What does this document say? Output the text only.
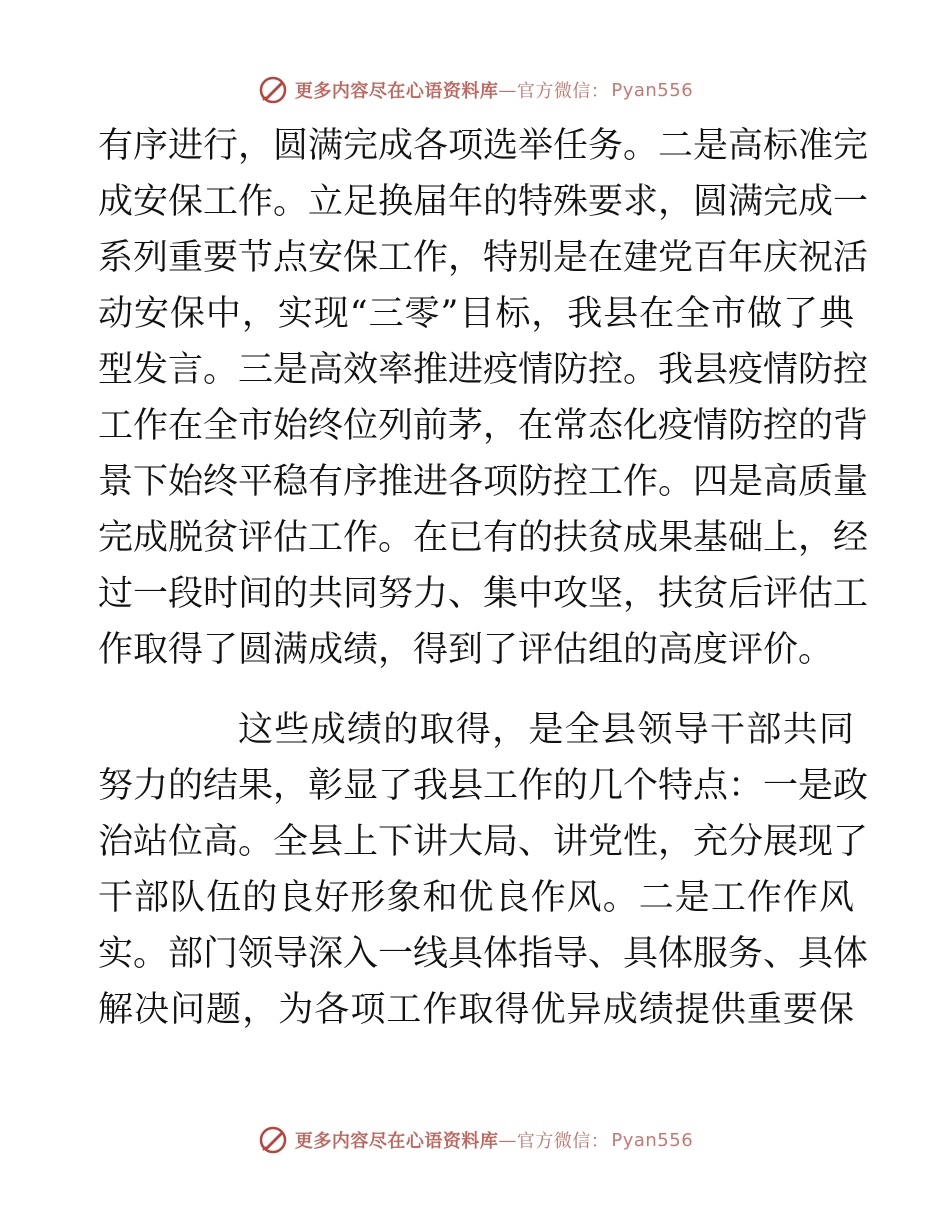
更多内容尽在心语资料库 — 官方微信： Pyan556
有序进行，圆满完成各项选举任务。二是高标准完
成安保工作。立足换届年的特殊要求，圆满完成一
系列重要节点安保工作，特别是在建党百年庆祝活
动安保中，实现“三零”目标，我县在全市做了典
型发言。三是高效率推进疫情防控。我县疫情防控
工作在全市始终位列前茅，在常态化疫情防控的背
景下始终平稳有序推进各项防控工作。四是高质量
完成脱贫评估工作。在已有的扶贫成果基础上，经
过一段时间的共同努力、集中攻坚，扶贫后评估工
作取得了圆满成绩，得到了评估组的高度评价。
这些成绩的取得，是全县领导干部共同
努力的结果，彰显了我县工作的几个特点：一是政
治站位高。全县上下讲大局、讲党性，充分展现了
干部队伍的良好形象和优良作风。二是工作作风
实。部门领导深入一线具体指导、具体服务、具体
解决问题，为各项工作取得优异成绩提供重要保
更多内容尽在心语资料库 — 官方微信： Pyan556
